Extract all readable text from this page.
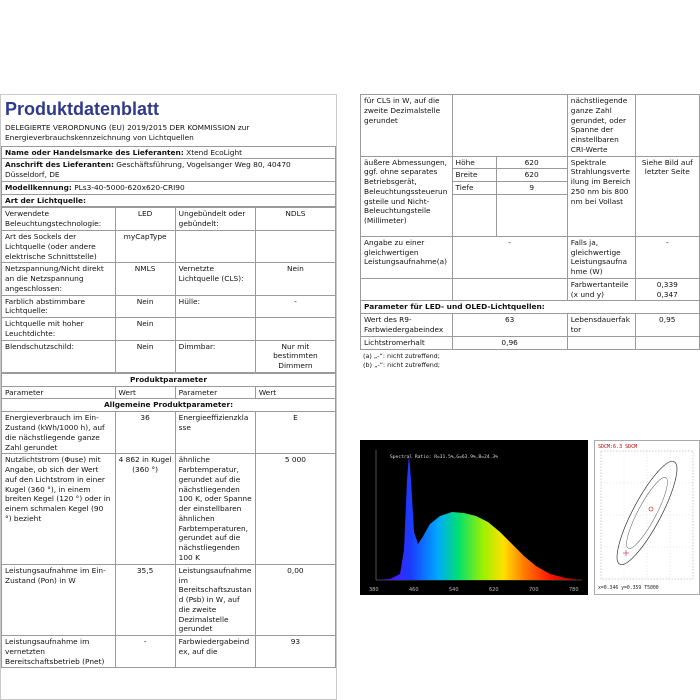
Produktdatenblatt
DELEGIERTE VERORDNUNG (EU) 2019/2015 DER KOMMISSION zur Energieverbrauchskennzeichnung von Lichtquellen
Name oder Handelsmarke des Lieferanten: Xtend EcoLight
Anschrift des Lieferanten: Geschäftsführung, Vogelsanger Weg 80, 40470 Düsseldorf, DE
Modellkennung: PLs3-40-5000-620x620-CRI90
Art der Lichtquelle:
Verwendete Beleuchtungstechnologie:	LED	Ungebündelt oder gebündelt:	NDLS
Art des Sockels der Lichtquelle (oder andere elektrische Schnittstelle)	myCapType		
Netzspannung/Nicht direkt an die Netzspannung angeschlossen:	NMLS	Vernetzte Lichtquelle (CLS):	Nein
Farblich abstimmbare Lichtquelle:	Nein	Hülle:	-
Lichtquelle mit hoher Leuchtdichte:	Nein		
Blendschutzschild:	Nein	Dimmbar:	Nur mit bestimmten Dimmern
Produktparameter			
Parameter	Wert	Parameter	Wert
Allgemeine Produktparameter:			
Energieverbrauch im Ein-Zustand (kWh/1000 h), auf die nächstliegende ganze Zahl gerundet	36	Energieeffizienzklasse	E
Nutzlichtstrom (Φuse) mit Angabe, ob sich der Wert auf den Lichtstrom in einer Kugel (360 °), in einem breiten Kegel (120 °) oder in einem schmalen Kegel (90 °) bezieht	4 862 in Kugel (360 °)	ähnliche Farbtemperatur, gerundet auf die nächstliegenden 100 K, oder Spanne der einstellbaren ähnlichen Farbtemperaturen, gerundet auf die nächstliegenden 100 K	5 000
Leistungsaufnahme im Ein-Zustand (Pon) in W	35,5	Leistungsaufnahme im Bereitschaftszustand (Psb) in W, auf die zweite Dezimalstelle gerundet	0,00
Leistungsaufnahme im vernetzten Bereitschaftsbetrieb (Pnet)	-	Farbwiedergabeindex, auf die	93
für CLS in W, auf die zweite Dezimalstelle gerundet			nächstliegende ganze Zahl gerundet, oder Spanne der einstellbaren CRI-Werte	
äußere Abmessungen, ggf. ohne separates Betriebsgerät, Beleuchtungssteuerungsteile und Nicht-Beleuchtungsteile (Millimeter)	Höhe	620	Spektrale Strahlungsverteilung im Bereich 250 nm bis 800 nm bei Vollast	Siehe Bild auf letzter Seite
	Breite	620		
	Tiefe	9		

Angabe zu einer gleichwertigen Leistungsaufnahme(a)	-		Falls ja, gleichwertige Leistungsaufnahme (W)	-
			Farbwertanteile (x und y)	0,339
0,347
Parameter für LED- und OLED-Lichtquellen:				
Wert des R9-Farbwiedergabeindex	63		Lebensdauerfaktor	0,95
Lichtstromerhalt	0,96			
(a) „-“: nicht zutreffend;
(b) „-“: nicht zutreffend;
Spectral Ratio: R=31.5%,G=63.9%,B=24.3%
380	460	540	620	700	780
SDCM:6.3 SDCM
x=0.346 y=0.359 T5000
